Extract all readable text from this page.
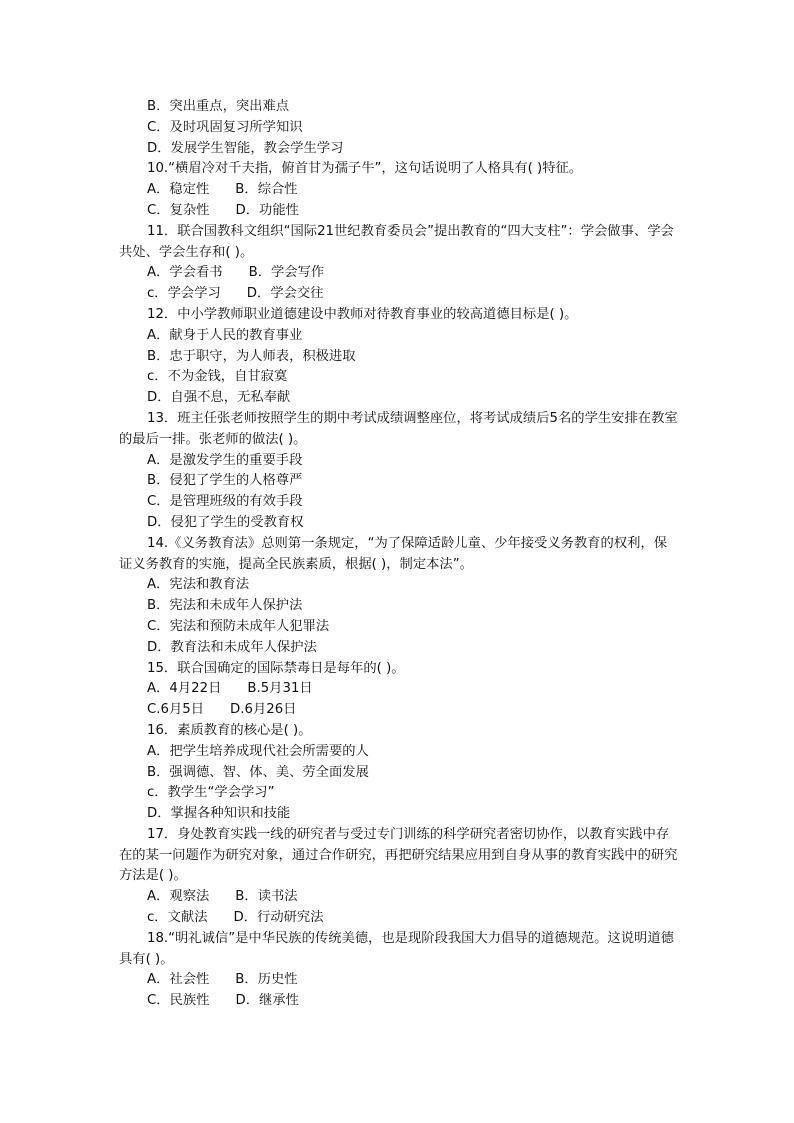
B．突出重点，突出难点
C．及时巩固复习所学知识
D．发展学生智能，教会学生学习
10.“横眉冷对千夫指，俯首甘为孺子牛”，这句话说明了人格具有( )特征。
A．稳定性 B．综合性
C．复杂性 D．功能性
11．联合国教科文组织“国际21世纪教育委员会”提出教育的“四大支柱”：学会做事、学会共处、学会生存和( )。
A．学会看书 B．学会写作
c．学会学习 D．学会交往
12．中小学教师职业道德建设中教师对待教育事业的较高道德目标是( )。
A．献身于人民的教育事业
B．忠于职守，为人师表，积极进取
c．不为金钱，自甘寂寞
D．自强不息，无私奉献
13．班主任张老师按照学生的期中考试成绩调整座位，将考试成绩后5名的学生安排在教室的最后一排。张老师的做法( )。
A．是激发学生的重要手段
B．侵犯了学生的人格尊严
C．是管理班级的有效手段
D．侵犯了学生的受教育权
14.《义务教育法》总则第一条规定，“为了保障适龄儿童、少年接受义务教育的权利，保证义务教育的实施，提高全民族素质，根据( )，制定本法”。
A．宪法和教育法
B．宪法和未成年人保护法
C．宪法和预防未成年人犯罪法
D．教育法和未成年人保护法
15．联合国确定的国际禁毒日是每年的( )。
A．4月22日 B.5月31日
C.6月5日 D.6月26日
16．素质教育的核心是( )。
A．把学生培养成现代社会所需要的人
B．强调德、智、体、美、劳全面发展
c．教学生“学会学习”
D．掌握各种知识和技能
17．身处教育实践一线的研究者与受过专门训练的科学研究者密切协作，以教育实践中存在的某一问题作为研究对象，通过合作研究，再把研究结果应用到自身从事的教育实践中的研究方法是( )。
A．观察法 B．读书法
c．文献法 D．行动研究法
18.“明礼诚信”是中华民族的传统美德，也是现阶段我国大力倡导的道德规范。这说明道德具有( )。
A．社会性 B．历史性
C．民族性 D．继承性
